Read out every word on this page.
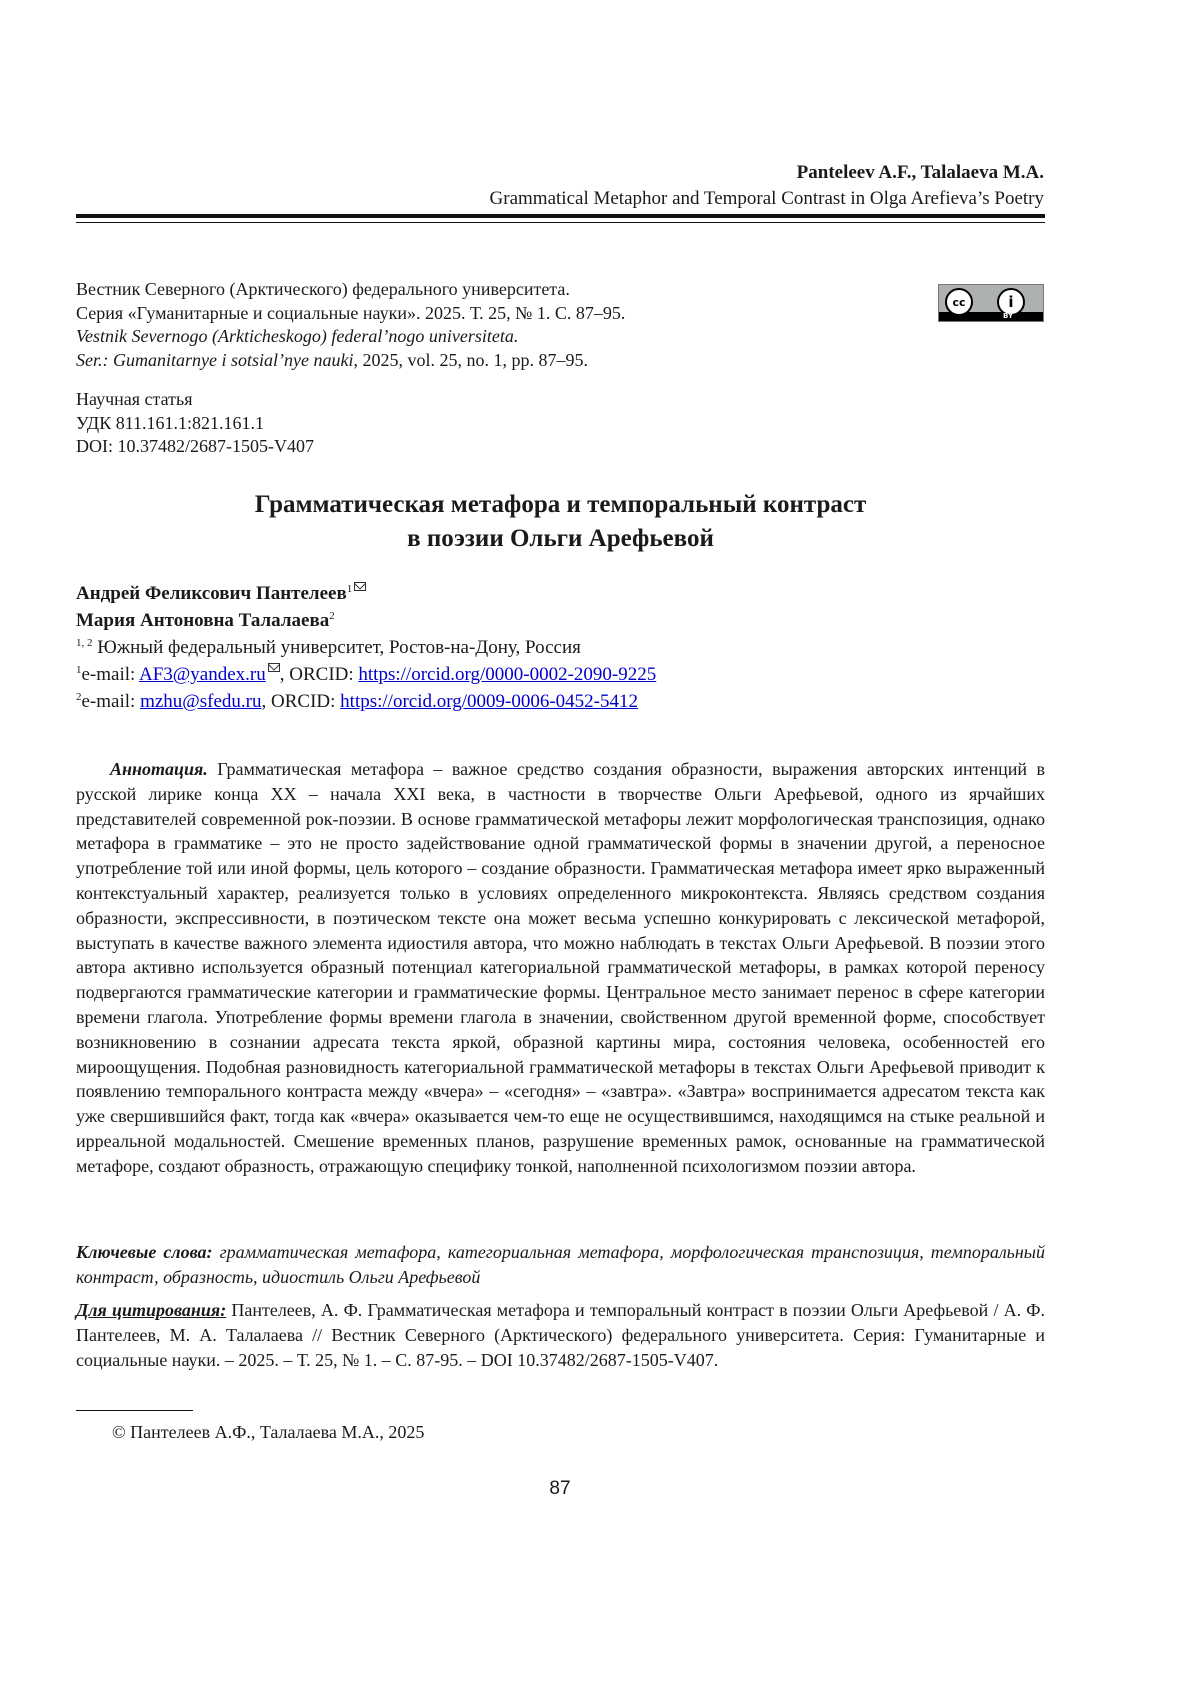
Panteleev A.F., Talalaeva M.A.
Grammatical Metaphor and Temporal Contrast in Olga Arefieva’s Poetry
Вестник Северного (Арктического) федерального университета.
Серия «Гуманитарные и социальные науки». 2025. Т. 25, № 1. С. 87–95.
Vestnik Severnogo (Arkticheskogo) federal’nogo universiteta.
Ser.: Gumanitarnye i sotsial’nye nauki, 2025, vol. 25, no. 1, pp. 87–95.
cc	i
BY
Научная статья
УДК 811.161.1:821.161.1
DOI: 10.37482/2687-1505-V407
Грамматическая метафора и темпоральный контраст
в поэзии Ольги Арефьевой
Андрей Феликсович Пантелеев1
Мария Антоновна Талалаева2
1, 2 Южный федеральный университет, Ростов-на-Дону, Россия
1e-mail: AF3@yandex.ru , ORCID: https://orcid.org/0000-0002-2090-9225
2e-mail: mzhu@sfedu.ru, ORCID: https://orcid.org/0009-0006-0452-5412
Аннотация. Грамматическая метафора – важное средство создания образности, выражения авторских интенций в русской лирике конца XX – начала XXI века, в частности в творчестве Ольги Арефьевой, одного из ярчайших представителей современной рок-поэзии. В основе грамматической метафоры лежит морфологическая транспозиция, однако метафора в грамматике – это не просто задействование одной грамматической формы в значении другой, а переносное употребление той или иной формы, цель которого – создание образности. Грамматическая метафора имеет ярко выраженный контекстуальный характер, реализуется только в условиях определенного микроконтекста. Являясь средством создания образности, экспрессивности, в поэтическом тексте она может весьма успешно конкурировать с лексической метафорой, выступать в качестве важного элемента идиостиля автора, что можно наблюдать в текстах Ольги Арефьевой. В поэзии этого автора активно используется образный потенциал категориальной грамматической метафоры, в рамках которой переносу подвергаются грамматические категории и грамматические формы. Центральное место занимает перенос в сфере категории времени глагола. Употребление формы времени глагола в значении, свойственном другой временной форме, способствует возникновению в сознании адресата текста яркой, образной картины мира, состояния человека, особенностей его мироощущения. Подобная разновидность категориальной грамматической метафоры в текстах Ольги Арефьевой приводит к появлению темпорального контраста между «вчера» – «сегодня» – «завтра». «Завтра» воспринимается адресатом текста как уже свершившийся факт, тогда как «вчера» оказывается чем-то еще не осуществившимся, находящимся на стыке реальной и ирреальной модальностей. Смешение временных планов, разрушение временных рамок, основанные на грамматической метафоре, создают образность, отражающую специфику тонкой, наполненной психологизмом поэзии автора.
Ключевые слова: грамматическая метафора, категориальная метафора, морфологическая транспозиция, темпоральный контраст, образность, идиостиль Ольги Арефьевой
Для цитирования: Пантелеев, А. Ф. Грамматическая метафора и темпоральный контраст в поэзии Ольги Арефьевой / А. Ф. Пантелеев, М. А. Талалаева // Вестник Северного (Арктического) федерального университета. Серия: Гуманитарные и социальные науки. – 2025. – Т. 25, № 1. – С. 87-95. – DOI 10.37482/2687-1505-V407.
© Пантелеев А.Ф., Талалаева М.А., 2025
87
